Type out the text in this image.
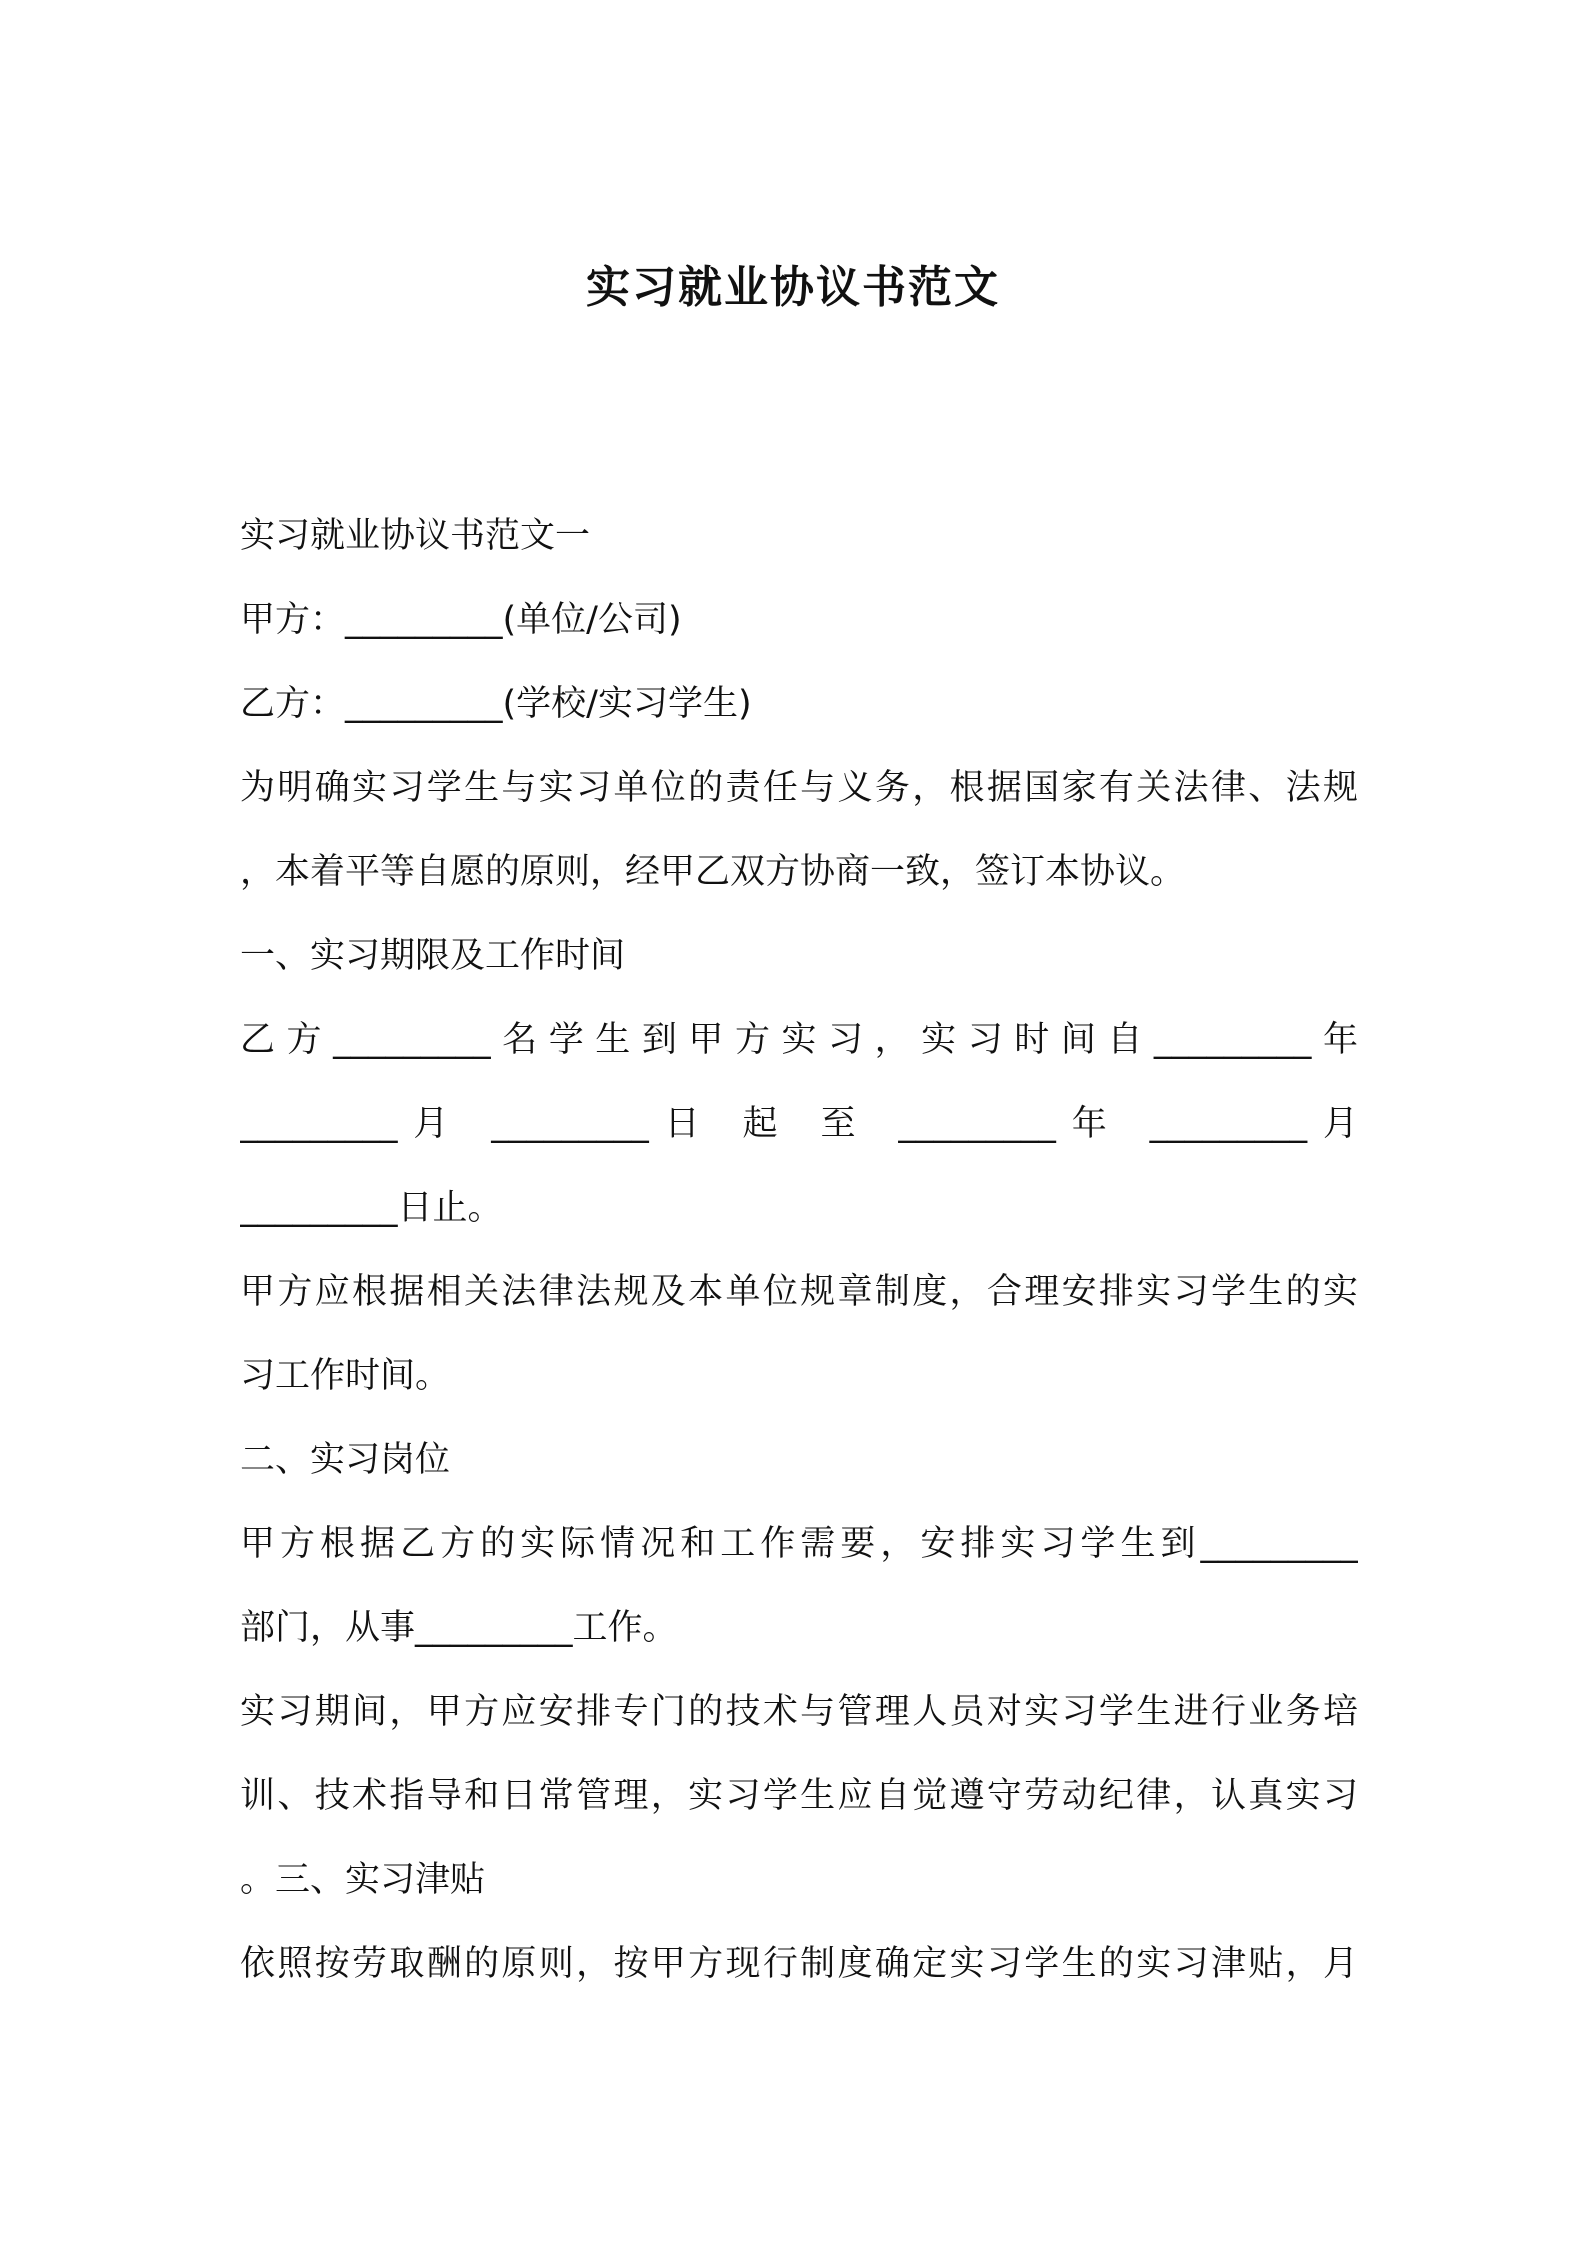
实习就业协议书范文
实习就业协议书范文一
甲方：_________(单位/公司)
乙方：_________(学校/实习学生)
为明确实习学生与实习单位的责任与义务，根据国家有关法律、法规
，本着平等自愿的原则，经甲乙双方协商一致，签订本协议。
一、实习期限及工作时间
乙方_________名学生到甲方实习，实习时间自_________年
_________月 _________日 起 至 _________年 _________月
_________日止。
甲方应根据相关法律法规及本单位规章制度，合理安排实习学生的实
习工作时间。
二、实习岗位
甲方根据乙方的实际情况和工作需要，安排实习学生到_________
部门，从事_________工作。
实习期间，甲方应安排专门的技术与管理人员对实习学生进行业务培
训、技术指导和日常管理，实习学生应自觉遵守劳动纪律，认真实习
。三、实习津贴
依照按劳取酬的原则，按甲方现行制度确定实习学生的实习津贴，月
